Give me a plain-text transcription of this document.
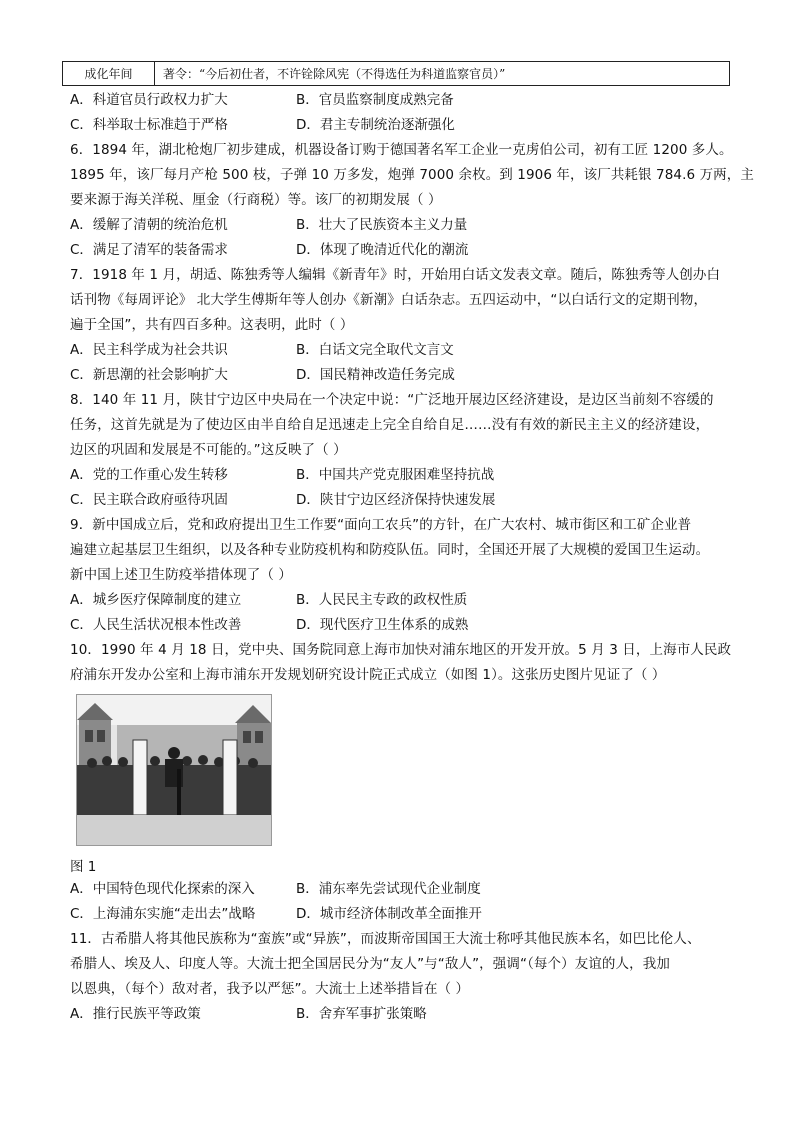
成化年间	著令：“今后初仕者，不许铨除风宪（不得选任为科道监察官员）”
A．科道官员行政权力扩大	B．官员监察制度成熟完备
C．科举取士标准趋于严格	D．君主专制统治逐渐强化
6．1894 年，湖北枪炮厂初步建成，机器设备订购于德国著名军工企业一克虏伯公司，初有工匠 1200 多人。
1895 年，该厂每月产枪 500 枝，子弹 10 万多发，炮弹 7000 余枚。到 1906 年，该厂共耗银 784.6 万两，主
要来源于海关洋税、厘金（行商税）等。该厂的初期发展（ ）
A．缓解了清朝的统治危机	B．壮大了民族资本主义力量
C．满足了清军的装备需求	D．体现了晚清近代化的潮流
7．1918 年 1 月，胡适、陈独秀等人编辑《新青年》时，开始用白话文发表文章。随后，陈独秀等人创办白
话刊物《每周评论》 北大学生傅斯年等人创办《新潮》白话杂志。五四运动中，“以白话行文的定期刊物，
遍于全国”，共有四百多种。这表明，此时（ ）
A．民主科学成为社会共识	B．白话文完全取代文言文
C．新思潮的社会影响扩大	D．国民精神改造任务完成
8．140 年 11 月，陕甘宁边区中央局在一个决定中说：“广泛地开展边区经济建设，是边区当前刻不容缓的
任务，这首先就是为了使边区由半自给自足迅速走上完全自给自足……没有有效的新民主主义的经济建设，
边区的巩固和发展是不可能的。”这反映了（ ）
A．党的工作重心发生转移	B．中国共产党克服困难坚持抗战
C．民主联合政府亟待巩固	D．陕甘宁边区经济保持快速发展
9．新中国成立后，党和政府提出卫生工作要“面向工农兵”的方针，在广大农村、城市街区和工矿企业普
遍建立起基层卫生组织，以及各种专业防疫机构和防疫队伍。同时，全国还开展了大规模的爱国卫生运动。
新中国上述卫生防疫举措体现了（ ）
A．城乡医疗保障制度的建立	B．人民民主专政的政权性质
C．人民生活状况根本性改善	D．现代医疗卫生体系的成熟
10．1990 年 4 月 18 日，党中央、国务院同意上海市加快对浦东地区的开发开放。5 月 3 日，上海市人民政
府浦东开发办公室和上海市浦东开发规划研究设计院正式成立（如图 1）。这张历史图片见证了（ ）
图 1
A．中国特色现代化探索的深入	B．浦东率先尝试现代企业制度
C．上海浦东实施“走出去”战略	D．城市经济体制改革全面推开
11．古希腊人将其他民族称为“蛮族”或“异族”，而波斯帝国国王大流士称呼其他民族本名，如巴比伦人、
希腊人、埃及人、印度人等。大流士把全国居民分为“友人”与“敌人”，强调“（每个）友谊的人，我加
以恩典，（每个）敌对者，我予以严惩”。大流士上述举措旨在（ ）
A．推行民族平等政策	B．舍弃军事扩张策略
